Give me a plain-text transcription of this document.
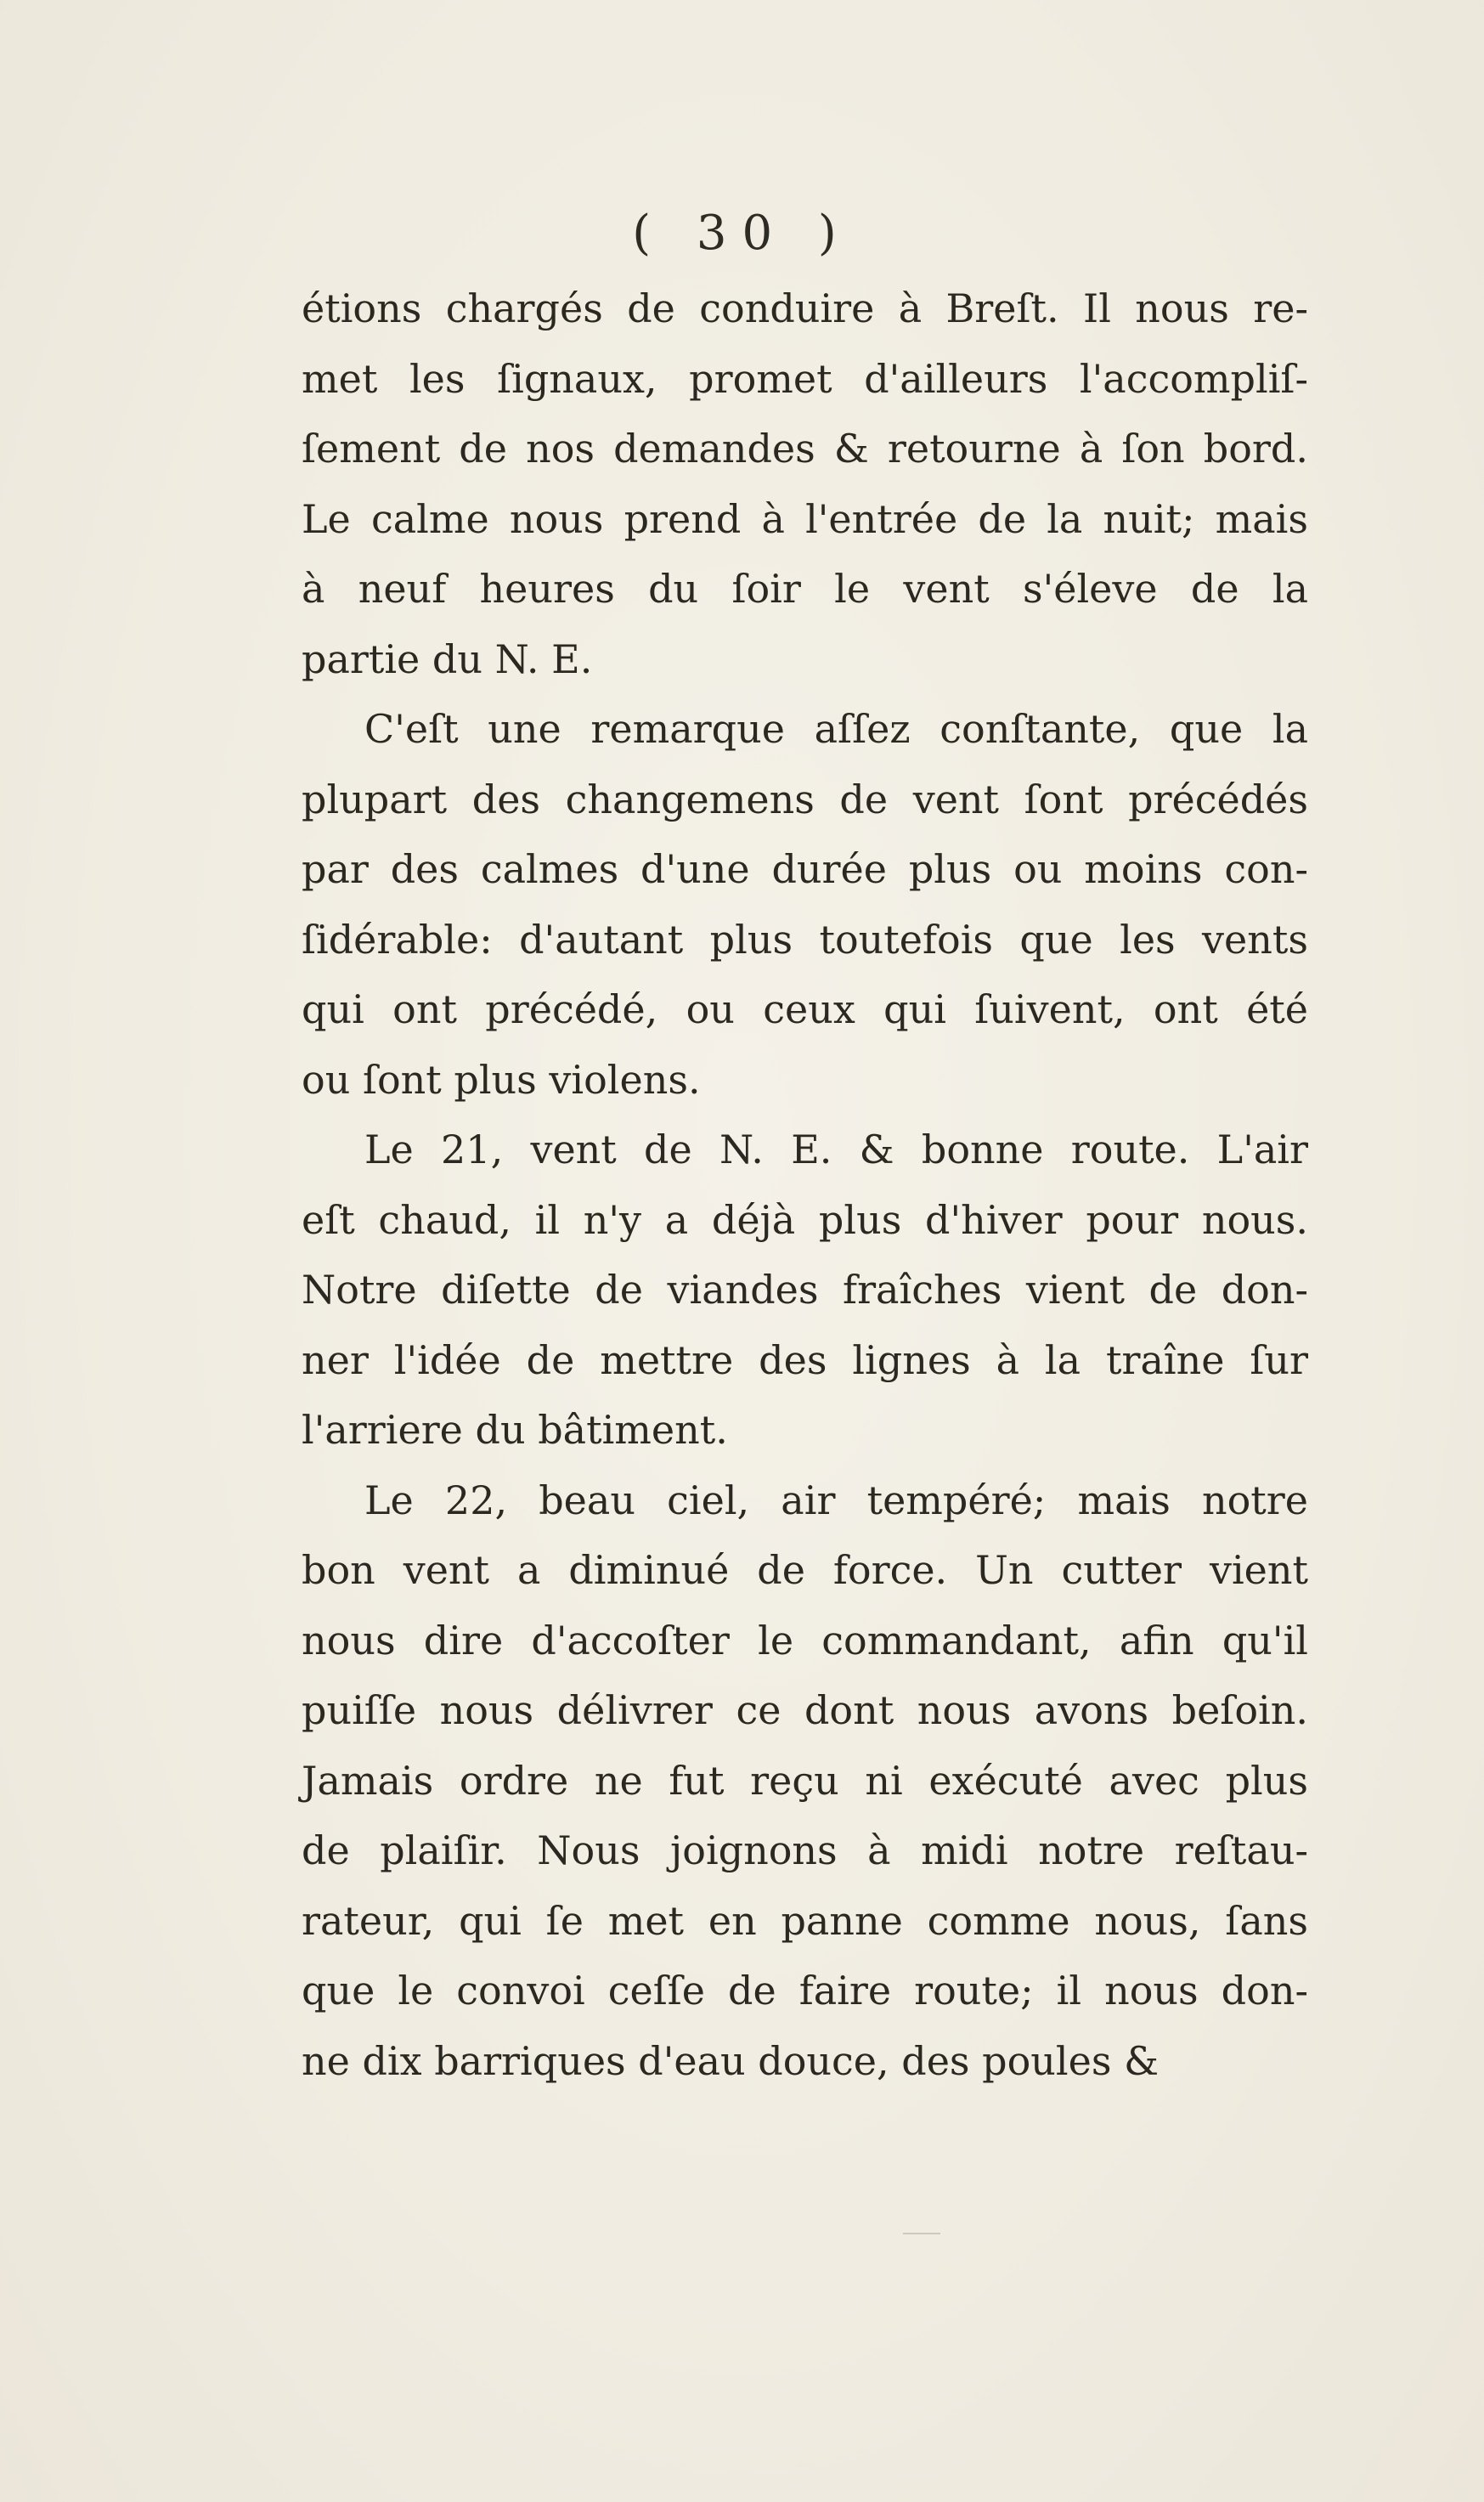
( 30 )
étions chargés de conduire à Breſt. Il nous re-
met les ſignaux, promet d'ailleurs l'accompliſ-
ſement de nos demandes & retourne à ſon bord.
Le calme nous prend à l'entrée de la nuit; mais
à neuf heures du ſoir le vent s'éleve de la
partie du N. E.
C'eſt une remarque aſſez conſtante, que la
plupart des changemens de vent ſont précédés
par des calmes d'une durée plus ou moins con-
ſidérable: d'autant plus toutefois que les vents
qui ont précédé, ou ceux qui ſuivent, ont été
ou ſont plus violens.
Le 21, vent de N. E. & bonne route. L'air
eſt chaud, il n'y a déjà plus d'hiver pour nous.
Notre diſette de viandes fraîches vient de don-
ner l'idée de mettre des lignes à la traîne ſur
l'arriere du bâtiment.
Le 22, beau ciel, air tempéré; mais notre
bon vent a diminué de force. Un cutter vient
nous dire d'accoſter le commandant, afin qu'il
puiſſe nous délivrer ce dont nous avons beſoin.
Jamais ordre ne fut reçu ni exécuté avec plus
de plaiſir. Nous joignons à midi notre reſtau-
rateur, qui ſe met en panne comme nous, ſans
que le convoi ceſſe de faire route; il nous don-
ne dix barriques d'eau douce, des poules &
